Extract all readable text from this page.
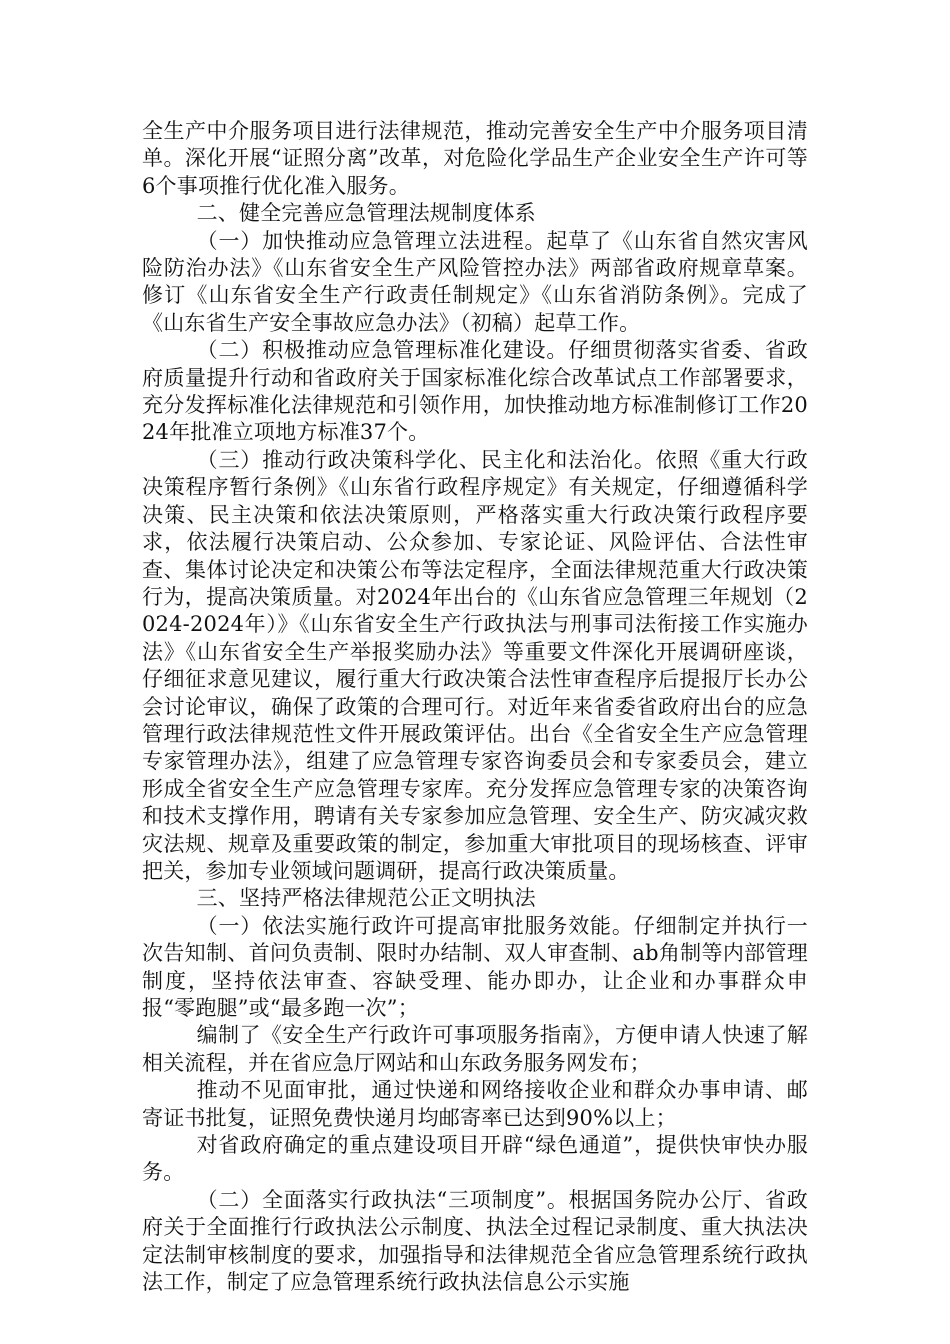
全生产中介服务项目进行法律规范，推动完善安全生产中介服务项目清单。深化开展“证照分离”改革，对危险化学品生产企业安全生产许可等6个事项推行优化准入服务。

二、健全完善应急管理法规制度体系

（一）加快推动应急管理立法进程。起草了《山东省自然灾害风险防治办法》《山东省安全生产风险管控办法》两部省政府规章草案。修订《山东省安全生产行政责任制规定》《山东省消防条例》。完成了《山东省生产安全事故应急办法》（初稿）起草工作。

（二）积极推动应急管理标准化建设。仔细贯彻落实省委、省政府质量提升行动和省政府关于国家标准化综合改革试点工作部署要求，充分发挥标准化法律规范和引领作用，加快推动地方标准制修订工作2024年批准立项地方标准37个。

（三）推动行政决策科学化、民主化和法治化。依照《重大行政决策程序暂行条例》《山东省行政程序规定》有关规定，仔细遵循科学决策、民主决策和依法决策原则，严格落实重大行政决策行政程序要求，依法履行决策启动、公众参加、专家论证、风险评估、合法性审查、集体讨论决定和决策公布等法定程序，全面法律规范重大行政决策行为，提高决策质量。对2024年出台的《山东省应急管理三年规划（2024-2024年）》《山东省安全生产行政执法与刑事司法衔接工作实施办法》《山东省安全生产举报奖励办法》等重要文件深化开展调研座谈，仔细征求意见建议，履行重大行政决策合法性审查程序后提报厅长办公会讨论审议，确保了政策的合理可行。对近年来省委省政府出台的应急管理行政法律规范性文件开展政策评估。出台《全省安全生产应急管理专家管理办法》，组建了应急管理专家咨询委员会和专家委员会，建立形成全省安全生产应急管理专家库。充分发挥应急管理专家的决策咨询和技术支撑作用，聘请有关专家参加应急管理、安全生产、防灾减灾救灾法规、规章及重要政策的制定，参加重大审批项目的现场核查、评审把关，参加专业领域问题调研，提高行政决策质量。

三、坚持严格法律规范公正文明执法

（一）依法实施行政许可提高审批服务效能。仔细制定并执行一次告知制、首问负责制、限时办结制、双人审查制、ab角制等内部管理制度，坚持依法审查、容缺受理、能办即办，让企业和办事群众申报“零跑腿”或“最多跑一次”；

编制了《安全生产行政许可事项服务指南》，方便申请人快速了解相关流程，并在省应急厅网站和山东政务服务网发布；

推动不见面审批，通过快递和网络接收企业和群众办事申请、邮寄证书批复，证照免费快递月均邮寄率已达到90%以上；

对省政府确定的重点建设项目开辟“绿色通道”，提供快审快办服务。

（二）全面落实行政执法“三项制度”。根据国务院办公厅、省政府关于全面推行行政执法公示制度、执法全过程记录制度、重大执法决定法制审核制度的要求，加强指导和法律规范全省应急管理系统行政执法工作，制定了应急管理系统行政执法信息公示实施
